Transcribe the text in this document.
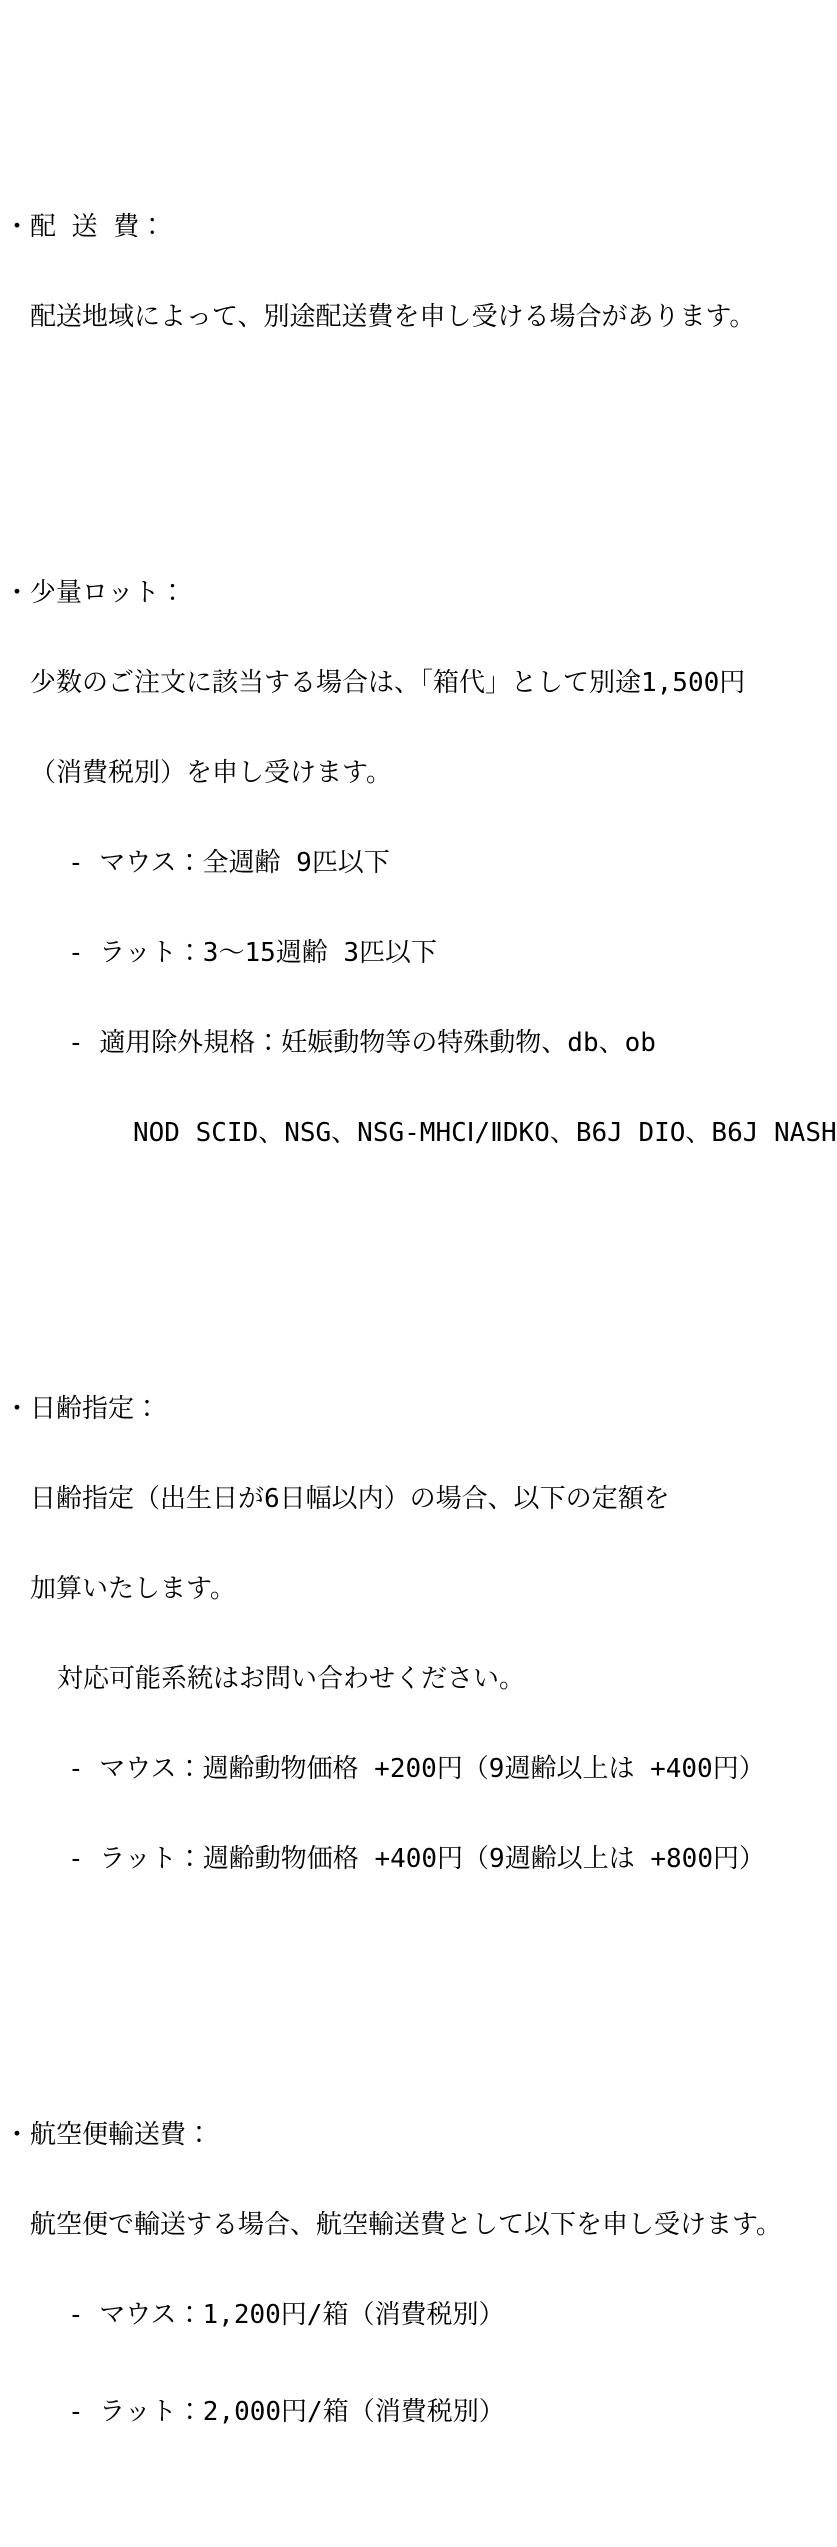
・ 配 送 費：

配送地域によって、別途配送費を申し受ける場合があります。

・ 少量ロット：

少数のご注文に該当する場合は、「箱代」として別途1,500円

（消費税別）を申し受けます。

- マウス：全週齢 9匹以下

- ラット：3～15週齢 3匹以下

- 適用除外規格：妊娠動物等の特殊動物、db、ob

NOD SCID、NSG、NSG-MHCⅠ/ⅡDKO、B6J DIO、B6J NASH

・ 日齢指定：

日齢指定（出生日が6日幅以内）の場合、以下の定額を

加算いたします。

対応可能系統はお問い合わせください。

- マウス：週齢動物価格 +200円（9週齢以上は +400円）

- ラット：週齢動物価格 +400円（9週齢以上は +800円）

・ 航空便輸送費：

航空便で輸送する場合、航空輸送費として以下を申し受けます。

- マウス：1,200円/箱（消費税別）

- ラット：2,000円/箱（消費税別）
